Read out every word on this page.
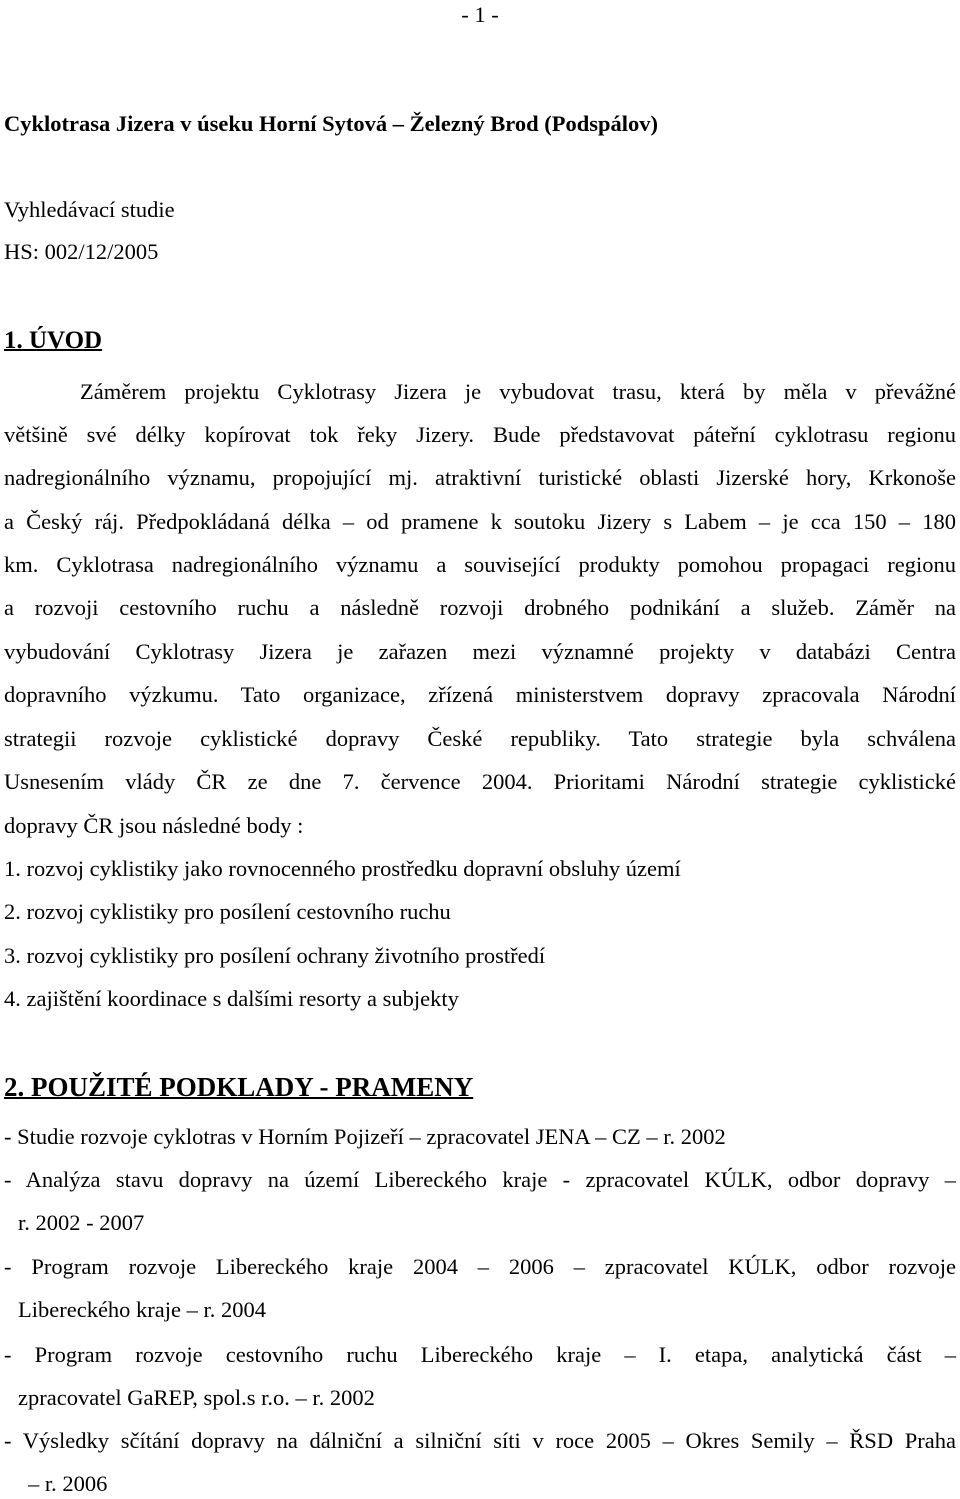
- 1 -
Cyklotrasa Jizera v úseku Horní Sytová – Železný Brod (Podspálov)
Vyhledávací studie
HS: 002/12/2005
1. ÚVOD
Záměrem projektu Cyklotrasy Jizera je vybudovat trasu, která by měla v převážné
většině své délky kopírovat tok řeky Jizery. Bude představovat páteřní cyklotrasu regionu
nadregionálního významu, propojující mj. atraktivní turistické oblasti Jizerské hory, Krkonoše
a Český ráj. Předpokládaná délka – od pramene k soutoku Jizery s Labem – je cca 150 – 180
km. Cyklotrasa nadregionálního významu a související produkty pomohou propagaci regionu
a rozvoji cestovního ruchu a následně rozvoji drobného podnikání a služeb. Záměr na
vybudování Cyklotrasy Jizera je zařazen mezi významné projekty v databázi Centra
dopravního výzkumu. Tato organizace, zřízená ministerstvem dopravy zpracovala Národní
strategii rozvoje cyklistické dopravy České republiky. Tato strategie byla schválena
Usnesením vlády ČR ze dne 7. července 2004. Prioritami Národní strategie cyklistické
dopravy ČR jsou následné body :
1. rozvoj cyklistiky jako rovnocenného prostředku dopravní obsluhy území
2. rozvoj cyklistiky pro posílení cestovního ruchu
3. rozvoj cyklistiky pro posílení ochrany životního prostředí
4. zajištění koordinace s dalšími resorty a subjekty
2. POUŽITÉ PODKLADY - PRAMENY
- Studie rozvoje cyklotras v Horním Pojizeří – zpracovatel JENA – CZ – r. 2002
- Analýza stavu dopravy na území Libereckého kraje - zpracovatel KÚLK, odbor dopravy –
r. 2002 - 2007
- Program rozvoje Libereckého kraje 2004 – 2006 – zpracovatel KÚLK, odbor rozvoje
Libereckého kraje – r. 2004
- Program rozvoje cestovního ruchu Libereckého kraje – I. etapa, analytická část –
zpracovatel GaREP, spol.s r.o. – r. 2002
- Výsledky sčítání dopravy na dálniční a silniční síti v roce 2005 – Okres Semily – ŘSD Praha
– r. 2006
